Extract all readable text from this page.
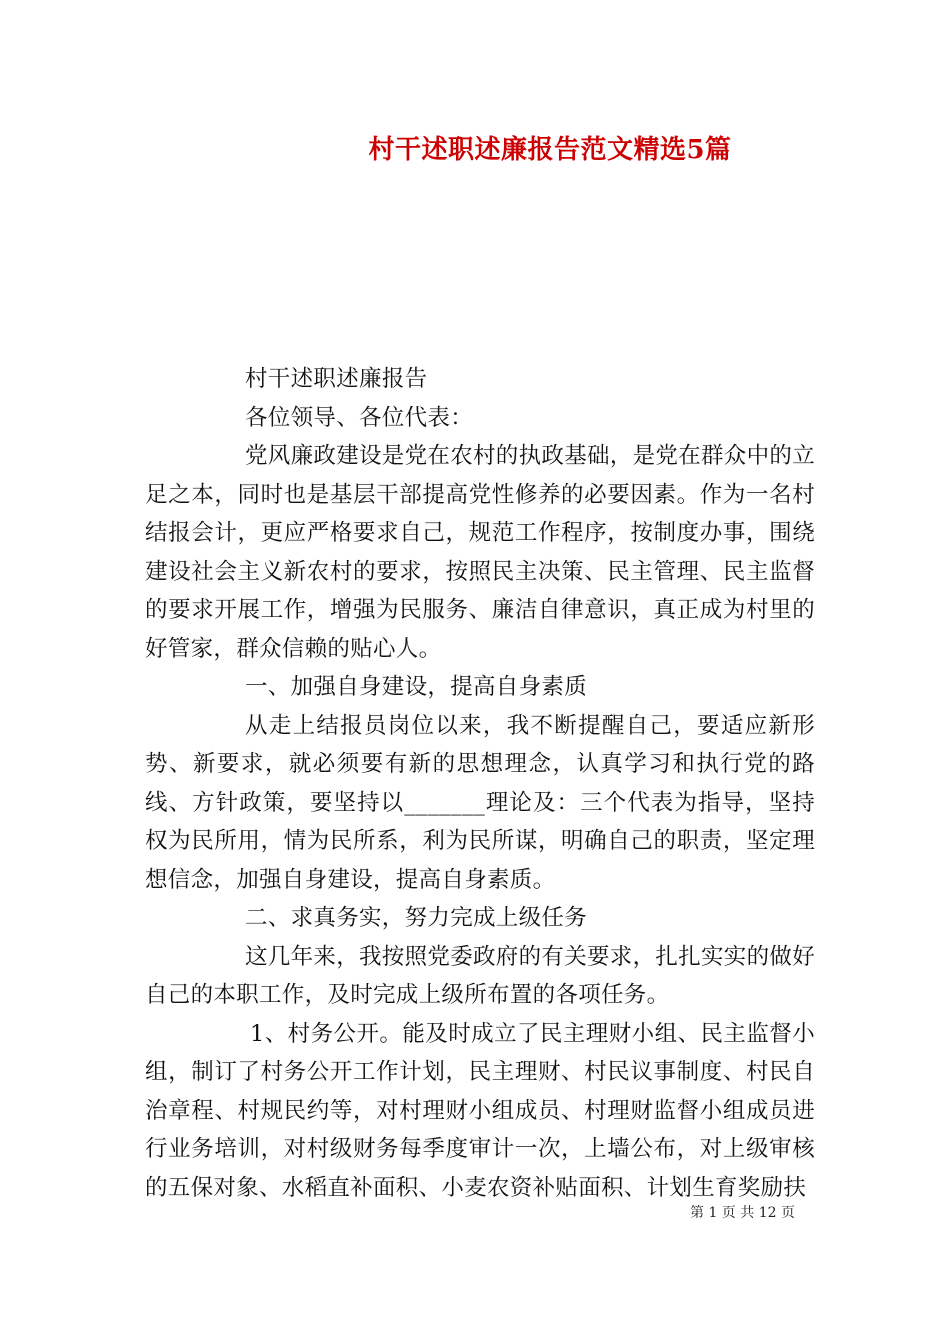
村干述职述廉报告范文精选5篇

村干述职述廉报告

各位领导、各位代表：

党风廉政建设是党在农村的执政基础，是党在群众中的立足之本，同时也是基层干部提高党性修养的必要因素。作为一名村结报会计，更应严格要求自己，规范工作程序，按制度办事，围绕建设社会主义新农村的要求，按照民主决策、民主管理、民主监督的要求开展工作，增强为民服务、廉洁自律意识，真正成为村里的好管家，群众信赖的贴心人。

一、加强自身建设，提高自身素质

从走上结报员岗位以来，我不断提醒自己，要适应新形势、新要求，就必须要有新的思想理念，认真学习和执行党的路线、方针政策，要坚持以_______理论及：三个代表为指导，坚持权为民所用，情为民所系，利为民所谋，明确自己的职责，坚定理想信念，加强自身建设，提高自身素质。

二、求真务实，努力完成上级任务

这几年来，我按照党委政府的有关要求，扎扎实实的做好自己的本职工作，及时完成上级所布置的各项任务。

1、村务公开。能及时成立了民主理财小组、民主监督小组，制订了村务公开工作计划，民主理财、村民议事制度、村民自治章程、村规民约等，对村理财小组成员、村理财监督小组成员进行业务培训，对村级财务每季度审计一次，上墙公布，对上级审核的五保对象、水稻直补面积、小麦农资补贴面积、计划生育奖励扶

第 1 页 共 12 页
